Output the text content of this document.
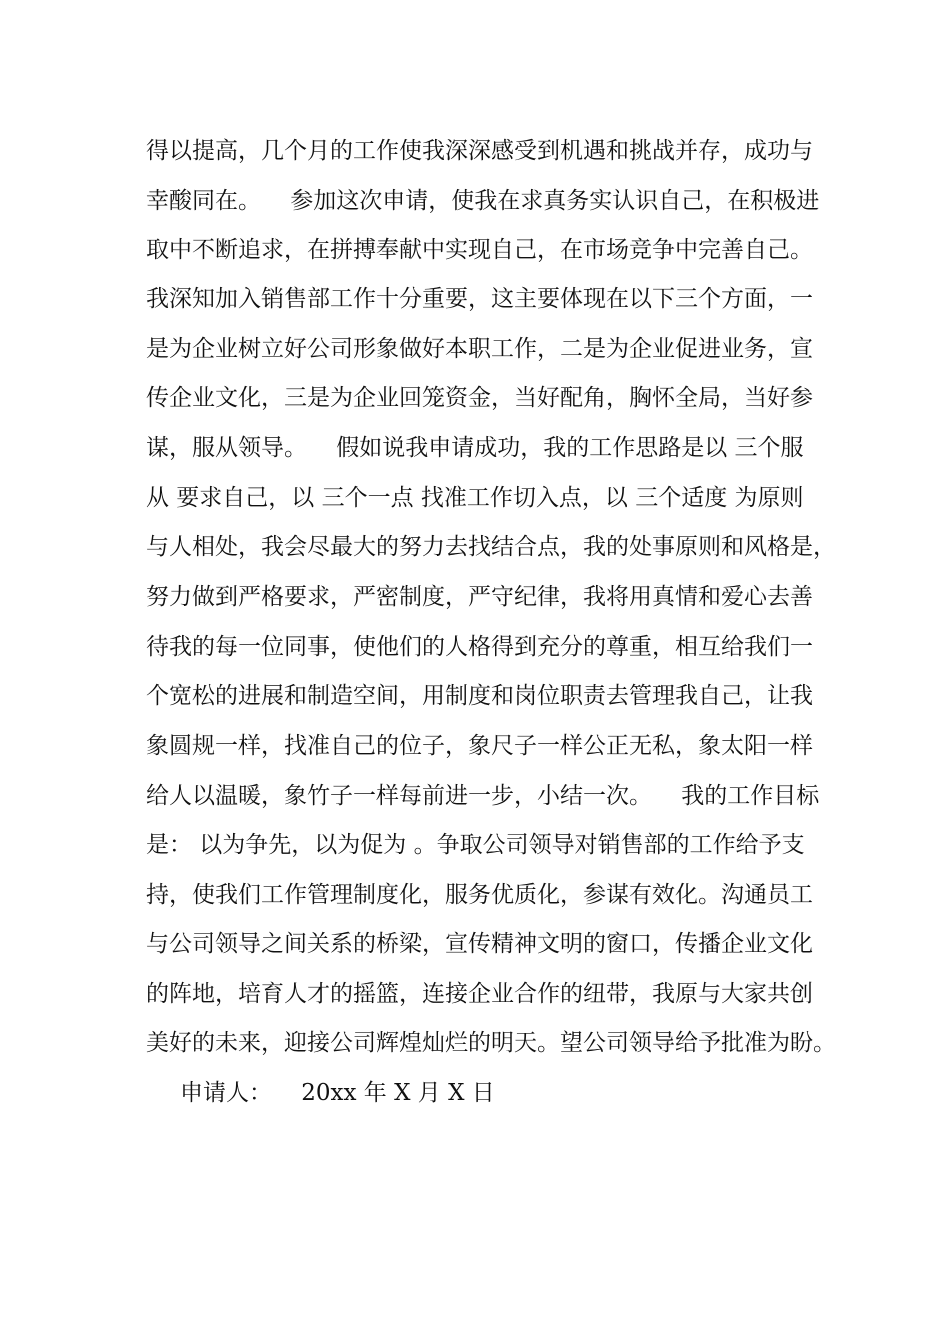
得以提高，几个月的工作使我深深感受到机遇和挑战并存，成功与
幸酸同在。    参加这次申请，使我在求真务实认识自己，在积极进
取中不断追求，在拼搏奉献中实现自己，在市场竞争中完善自己。
我深知加入销售部工作十分重要，这主要体现在以下三个方面，一
是为企业树立好公司形象做好本职工作，二是为企业促进业务，宣
传企业文化，三是为企业回笼资金，当好配角，胸怀全局，当好参
谋，服从领导。    假如说我申请成功，我的工作思路是以 三个服
从 要求自己，以 三个一点 找准工作切入点，以 三个适度 为原则
与人相处，我会尽最大的努力去找结合点，我的处事原则和风格是，
努力做到严格要求，严密制度，严守纪律，我将用真情和爱心去善
待我的每一位同事，使他们的人格得到充分的尊重，相互给我们一
个宽松的进展和制造空间，用制度和岗位职责去管理我自己，让我
象圆规一样，找准自己的位子，象尺子一样公正无私，象太阳一样
给人以温暖，象竹子一样每前进一步，小结一次。    我的工作目标
是： 以为争先，以为促为 。争取公司领导对销售部的工作给予支
持，使我们工作管理制度化，服务优质化，参谋有效化。沟通员工
与公司领导之间关系的桥梁，宣传精神文明的窗口，传播企业文化
的阵地，培育人才的摇篮，连接企业合作的纽带，我原与大家共创
美好的未来，迎接公司辉煌灿烂的明天。望公司领导给予批准为盼。
申请人：    20xx 年 X 月 X 日
